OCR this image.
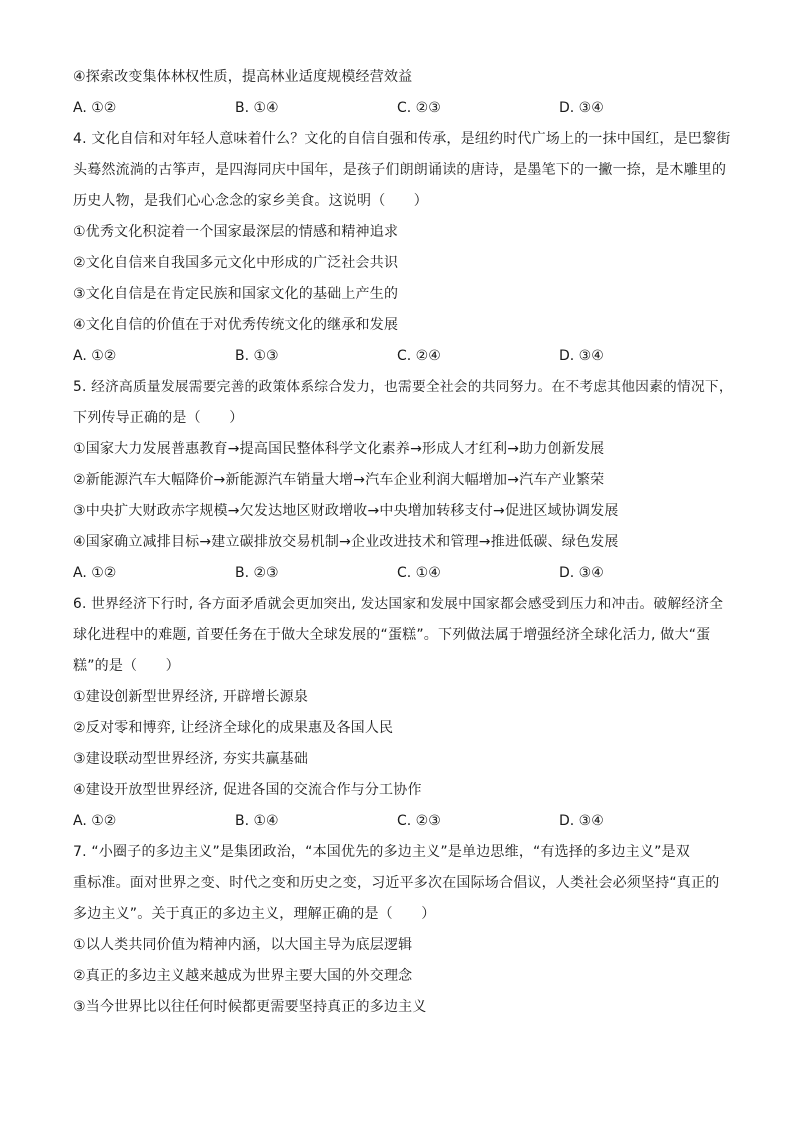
④探索改变集体林权性质，提高林业适度规模经营效益
A. ①②	B. ①④	C. ②③	D. ③④
4. 文化自信和对年轻人意味着什么？文化的自信自强和传承，是纽约时代广场上的一抹中国红，是巴黎街
头蓦然流淌的古筝声，是四海同庆中国年，是孩子们朗朗诵读的唐诗，是墨笔下的一撇一捺，是木雕里的
历史人物，是我们心心念念的家乡美食。这说明（　　）
①优秀文化积淀着一个国家最深层的情感和精神追求
②文化自信来自我国多元文化中形成的广泛社会共识
③文化自信是在肯定民族和国家文化的基础上产生的
④文化自信的价值在于对优秀传统文化的继承和发展
A. ①②	B. ①③	C. ②④	D. ③④
5. 经济高质量发展需要完善的政策体系综合发力，也需要全社会的共同努力。在不考虑其他因素的情况下，
下列传导正确的是（　　）
①国家大力发展普惠教育→提高国民整体科学文化素养→形成人才红利→助力创新发展
②新能源汽车大幅降价→新能源汽车销量大增→汽车企业利润大幅增加→汽车产业繁荣
③中央扩大财政赤字规模→欠发达地区财政增收→中央增加转移支付→促进区域协调发展
④国家确立减排目标→建立碳排放交易机制→企业改进技术和管理→推进低碳、绿色发展
A. ①②	B. ②③	C. ①④	D. ③④
6. 世界经济下行时, 各方面矛盾就会更加突出, 发达国家和发展中国家都会感受到压力和冲击。破解经济全
球化进程中的难题, 首要任务在于做大全球发展的“蛋糕”。下列做法属于增强经济全球化活力, 做大“蛋
糕”的是（　　）
①建设创新型世界经济, 开辟增长源泉
②反对零和博弈, 让经济全球化的成果惠及各国人民
③建设联动型世界经济, 夯实共赢基础
④建设开放型世界经济, 促进各国的交流合作与分工协作
A. ①②	B. ①④	C. ②③	D. ③④
7. “小圈子的多边主义”是集团政治，“本国优先的多边主义”是单边思维，“有选择的多边主义”是双
重标准。面对世界之变、时代之变和历史之变，习近平多次在国际场合倡议，人类社会必须坚持“真正的
多边主义”。关于真正的多边主义，理解正确的是（　　）
①以人类共同价值为精神内涵，以大国主导为底层逻辑
②真正的多边主义越来越成为世界主要大国的外交理念
③当今世界比以往任何时候都更需要坚持真正的多边主义
